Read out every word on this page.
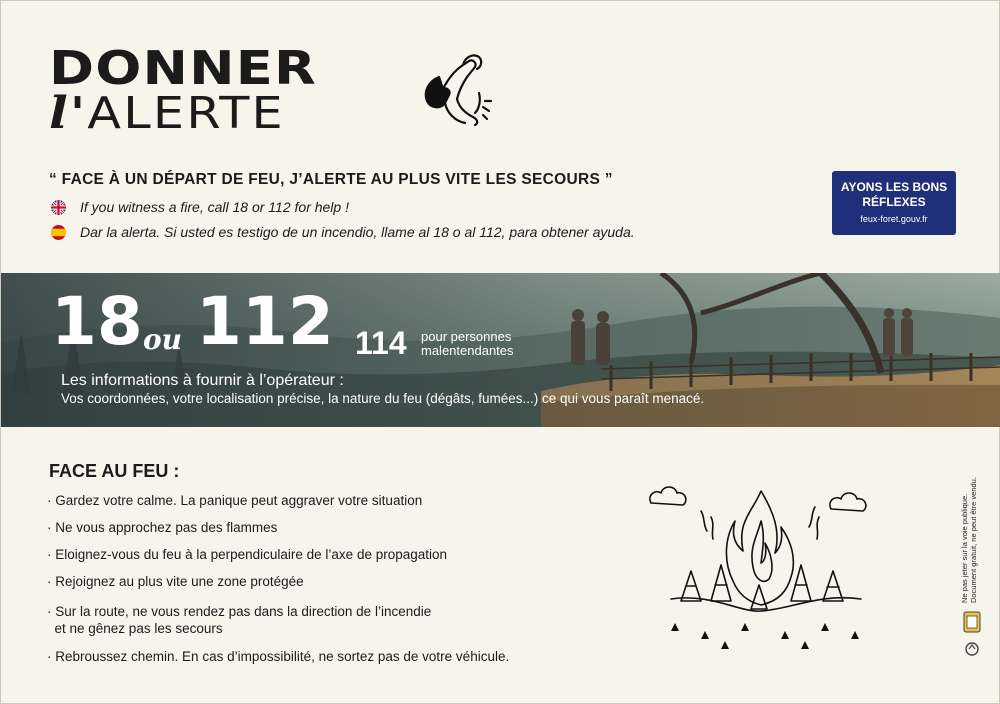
DONNER
l'ALERTE
“ FACE À UN DÉPART DE FEU, J’ALERTE AU PLUS VITE LES SECOURS ”
If you witness a fire, call 18 or 112 for help !
Dar la alerta. Si usted es testigo de un incendio, llame al 18 o al 112, para obtener ayuda.
AYONS LES BONS
RÉFLEXES
feux-foret.gouv.fr
18 ou 112 114 pour personnes malentendantes
Les informations à fournir à l’opérateur :
Vos coordonnées, votre localisation précise, la nature du feu (dégâts, fumées...) ce qui vous paraît menacé.
FACE AU FEU :
· Gardez votre calme. La panique peut aggraver votre situation
· Ne vous approchez pas des flammes
· Eloignez-vous du feu à la perpendiculaire de l’axe de propagation
· Rejoignez au plus vite une zone protégée
· Sur la route, ne vous rendez pas dans la direction de l’incendie
et ne gênez pas les secours
· Rebroussez chemin. En cas d’impossibilité, ne sortez pas de votre véhicule.
Ne pas jeter sur la voie publique. Document gratuit, ne peut être vendu.
